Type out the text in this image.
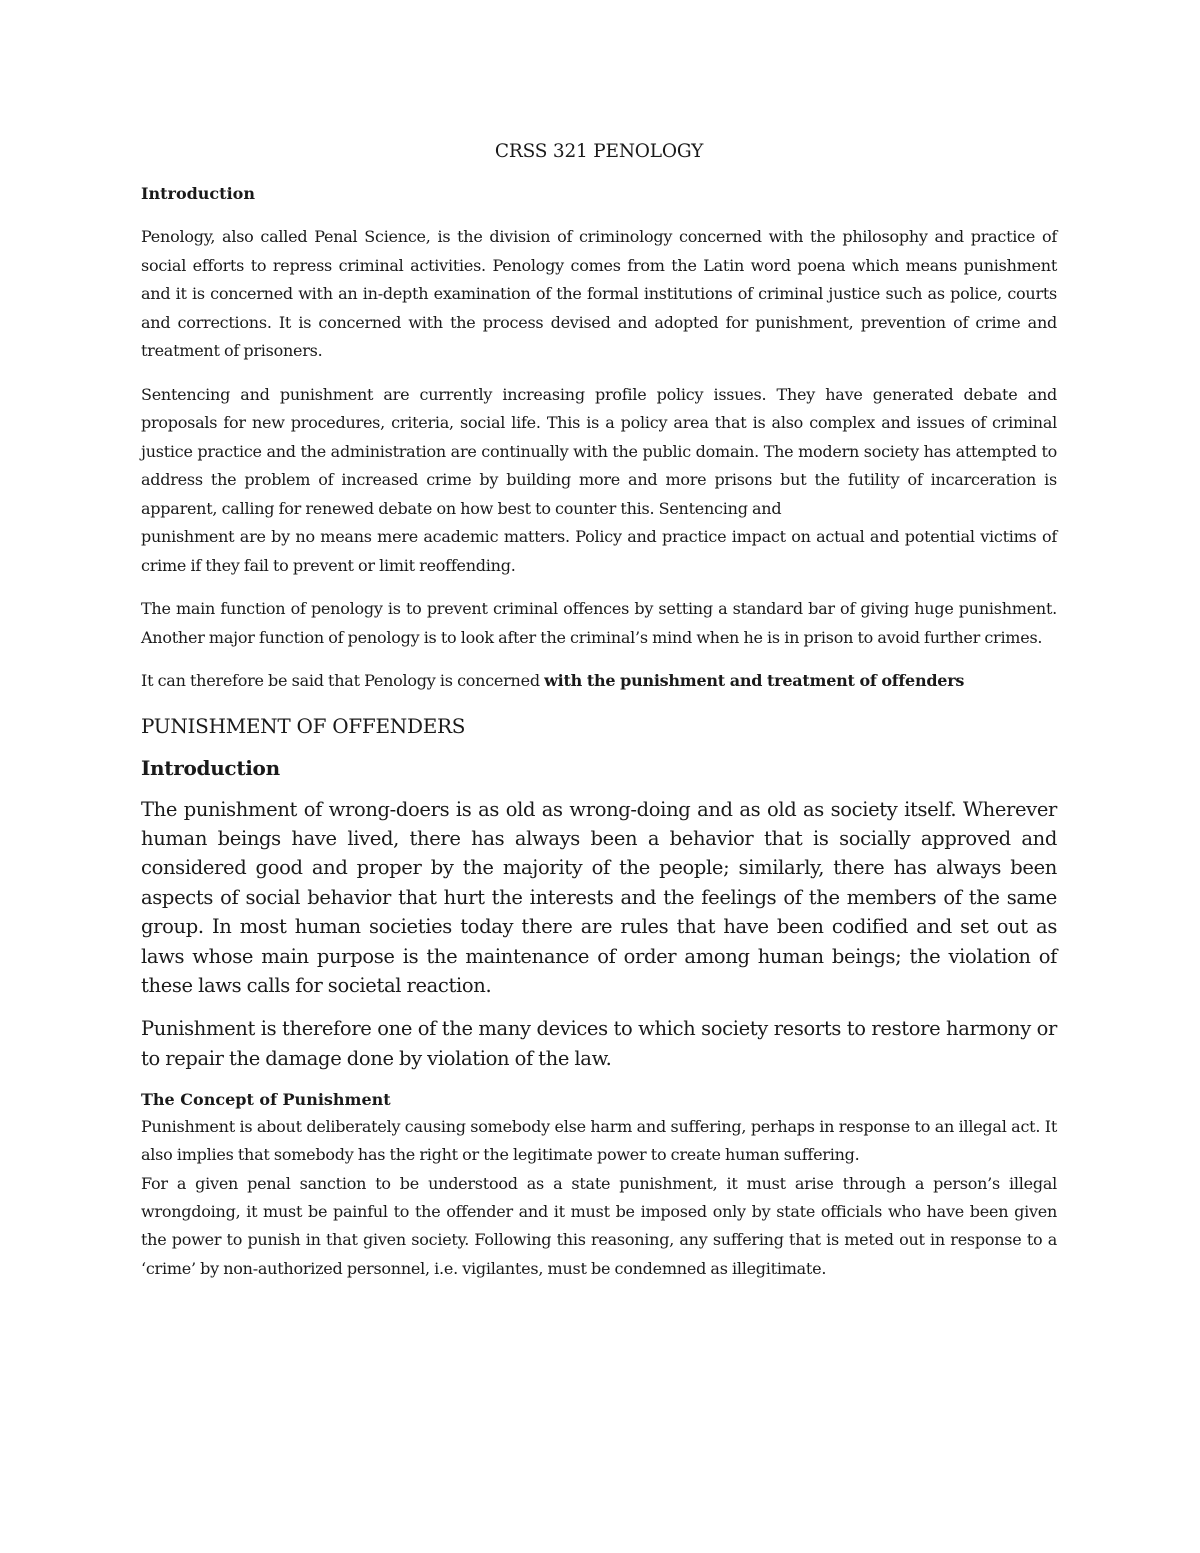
CRSS 321 PENOLOGY
Introduction

Penology, also called Penal Science, is the division of criminology concerned with the philosophy and practice of social efforts to repress criminal activities. Penology comes from the Latin word poena which means punishment and it is concerned with an in-depth examination of the formal institutions of criminal justice such as police, courts and corrections. It is concerned with the process devised and adopted for punishment, prevention of crime and treatment of prisoners.

Sentencing and punishment are currently increasing profile policy issues. They have generated debate and proposals for new procedures, criteria, social life. This is a policy area that is also complex and issues of criminal justice practice and the administration are continually with the public domain. The modern society has attempted to address the problem of increased crime by building more and more prisons but the futility of incarceration is apparent, calling for renewed debate on how best to counter this. Sentencing and

punishment are by no means mere academic matters. Policy and practice impact on actual and potential victims of crime if they fail to prevent or limit reoffending.

The main function of penology is to prevent criminal offences by setting a standard bar of giving huge punishment. Another major function of penology is to look after the criminal’s mind when he is in prison to avoid further crimes.

It can therefore be said that Penology is concerned with the punishment and treatment of offenders

PUNISHMENT OF OFFENDERS
Introduction

The punishment of wrong-doers is as old as wrong-doing and as old as society itself. Wherever human beings have lived, there has always been a behavior that is socially approved and considered good and proper by the majority of the people; similarly, there has always been aspects of social behavior that hurt the interests and the feelings of the members of the same group. In most human societies today there are rules that have been codified and set out as laws whose main purpose is the maintenance of order among human beings; the violation of these laws calls for societal reaction.

Punishment is therefore one of the many devices to which society resorts to restore harmony or to repair the damage done by violation of the law.

The Concept of Punishment

Punishment is about deliberately causing somebody else harm and suffering, perhaps in response to an illegal act. It also implies that somebody has the right or the legitimate power to create human suffering.

For a given penal sanction to be understood as a state punishment, it must arise through a person’s illegal wrongdoing, it must be painful to the offender and it must be imposed only by state officials who have been given the power to punish in that given society. Following this reasoning, any suffering that is meted out in response to a ‘crime’ by non-authorized personnel, i.e. vigilantes, must be condemned as illegitimate.
